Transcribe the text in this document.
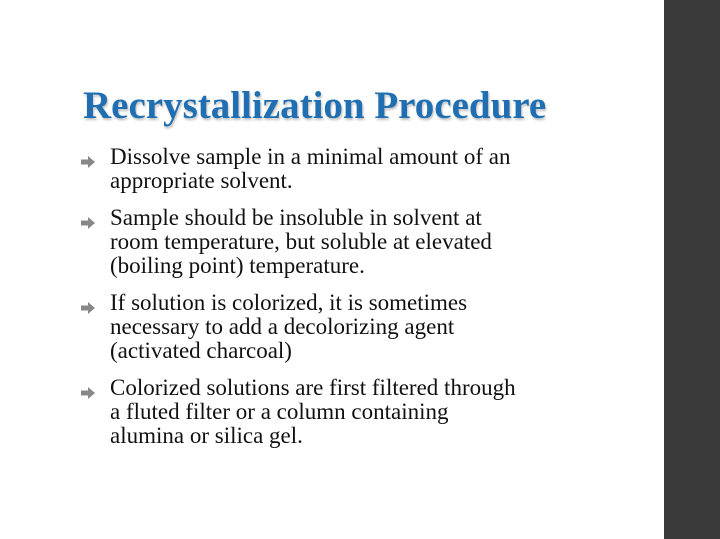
Recrystallization Procedure
Dissolve sample in a minimal amount of an
appropriate solvent.
Sample should be insoluble in solvent at
room temperature, but soluble at elevated
(boiling point) temperature.
If solution is colorized, it is sometimes
necessary to add a decolorizing agent
(activated charcoal)
Colorized solutions are first filtered through
a fluted filter or a column containing
alumina or silica gel.
